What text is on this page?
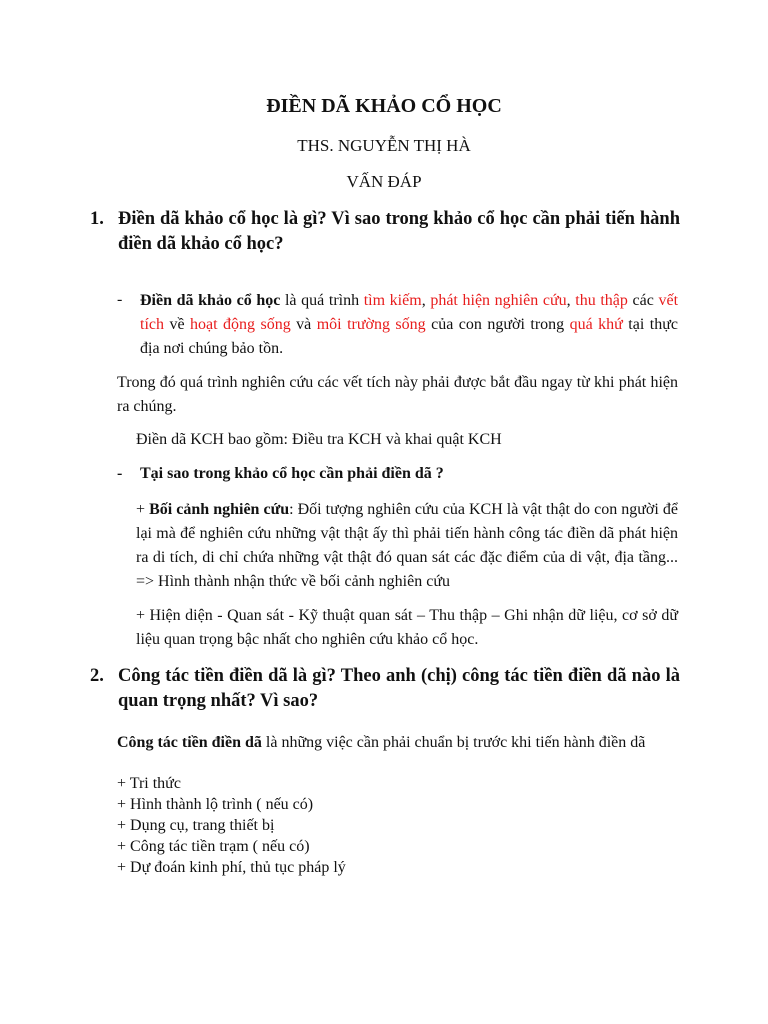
ĐIỀN DÃ KHẢO CỔ HỌC
THS. NGUYỄN THỊ HÀ
VẤN ĐÁP
1. Điền dã khảo cổ học là gì? Vì sao trong khảo cổ học cần phải tiến hành điền dã khảo cổ học?
- Điền dã khảo cổ học là quá trình tìm kiếm, phát hiện nghiên cứu, thu thập các vết tích về hoạt động sống và môi trường sống của con người trong quá khứ tại thực địa nơi chúng bảo tồn.
Trong đó quá trình nghiên cứu các vết tích này phải được bắt đầu ngay từ khi phát hiện ra chúng.
Điền dã KCH bao gồm: Điều tra KCH và khai quật KCH
- Tại sao trong khảo cổ học cần phải điền dã ?
+ Bối cảnh nghiên cứu: Đối tượng nghiên cứu của KCH là vật thật do con người để lại mà để nghiên cứu những vật thật ấy thì phải tiến hành công tác điền dã phát hiện ra di tích, di chỉ chứa những vật thật đó quan sát các đặc điểm của di vật, địa tầng... => Hình thành nhận thức về bối cảnh nghiên cứu
+ Hiện diện - Quan sát - Kỹ thuật quan sát – Thu thập – Ghi nhận dữ liệu, cơ sở dữ liệu quan trọng bậc nhất cho nghiên cứu khảo cổ học.
2. Công tác tiền điền dã là gì? Theo anh (chị) công tác tiền điền dã nào là quan trọng nhất? Vì sao?
Công tác tiền điền dã là những việc cần phải chuẩn bị trước khi tiến hành điền dã
+ Tri thức
+ Hình thành lộ trình ( nếu có)
+ Dụng cụ, trang thiết bị
+ Công tác tiền trạm ( nếu có)
+ Dự đoán kinh phí, thủ tục pháp lý
